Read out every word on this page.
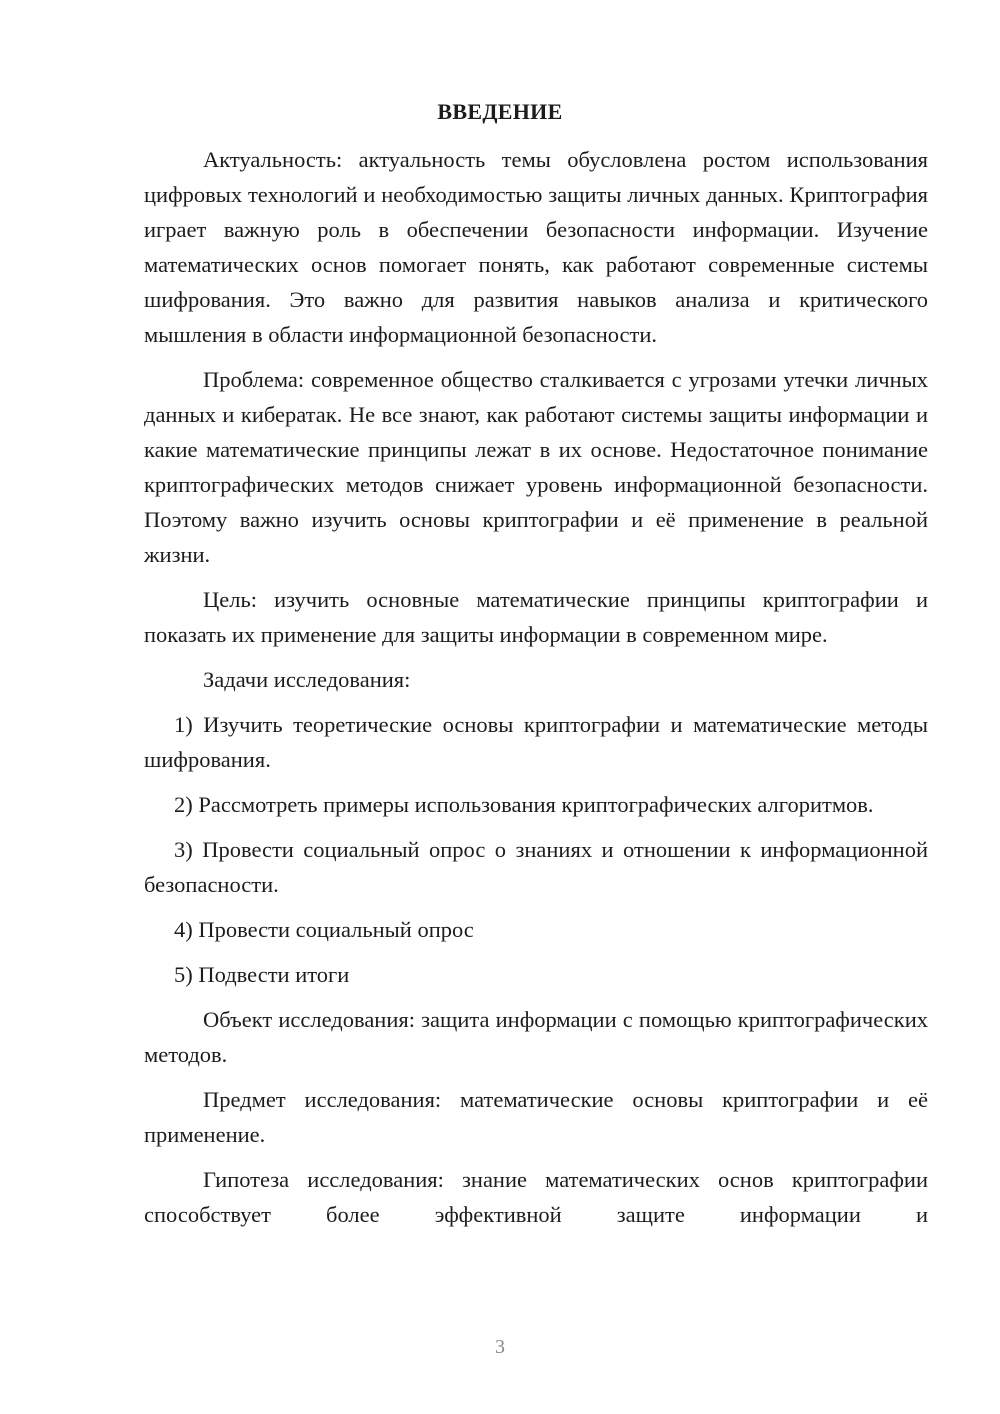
ВВЕДЕНИЕ

Актуальность: актуальность темы обусловлена ростом использования цифровых технологий и необходимостью защиты личных данных. Криптография играет важную роль в обеспечении безопасности информации. Изучение математических основ помогает понять, как работают современные системы шифрования. Это важно для развития навыков анализа и критического мышления в области информационной безопасности.

Проблема: современное общество сталкивается с угрозами утечки личных данных и кибератак. Не все знают, как работают системы защиты информации и какие математические принципы лежат в их основе. Недостаточное понимание криптографических методов снижает уровень информационной безопасности. Поэтому важно изучить основы криптографии и её применение в реальной жизни.

Цель: изучить основные математические принципы криптографии и показать их применение для защиты информации в современном мире.

Задачи исследования:

1) Изучить теоретические основы криптографии и математические методы шифрования.

2) Рассмотреть примеры использования криптографических алгоритмов.

3) Провести социальный опрос о знаниях и отношении к информационной безопасности.

4) Провести социальный опрос

5) Подвести итоги

Объект исследования: защита информации с помощью криптографических методов.

Предмет исследования: математические основы криптографии и её применение.

Гипотеза исследования: знание математических основ криптографии способствует более эффективной защите информации и

3
